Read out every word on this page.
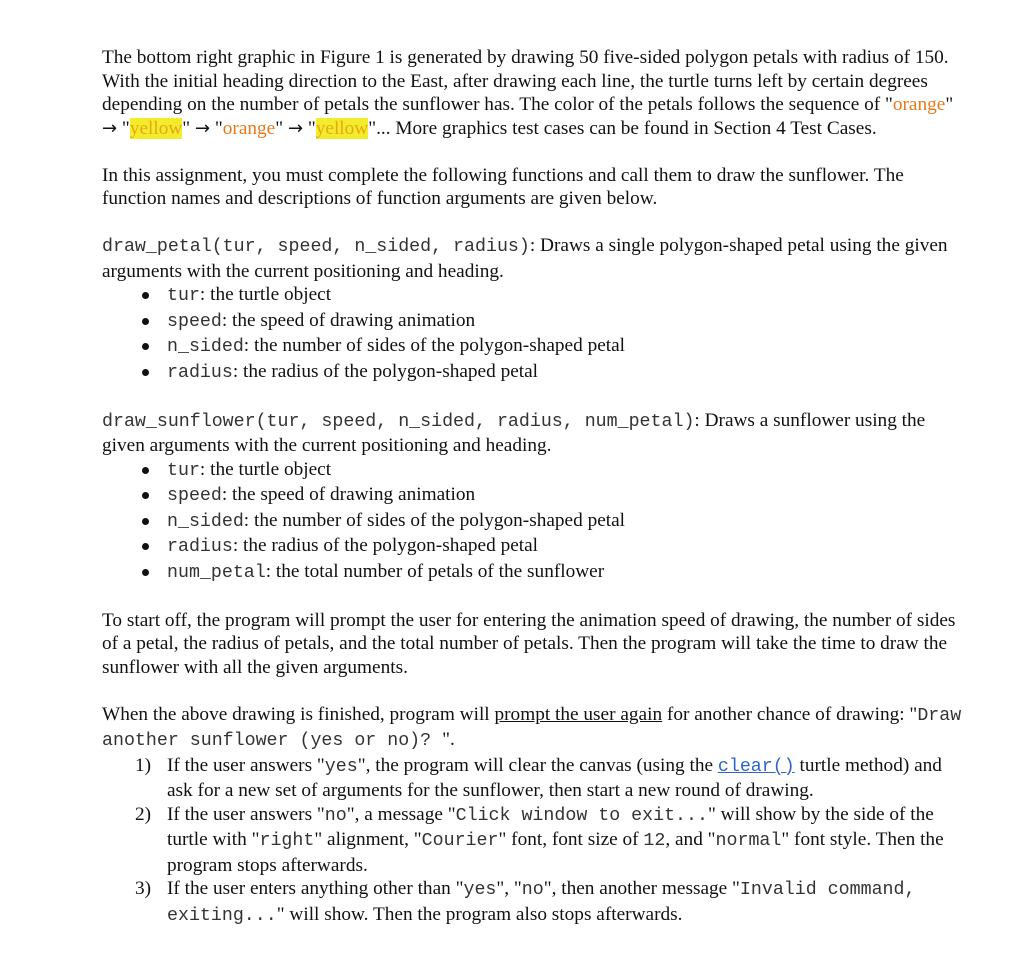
The bottom right graphic in Figure 1 is generated by drawing 50 five-sided polygon petals with radius of 150. With the initial heading direction to the East, after drawing each line, the turtle turns left by certain degrees depending on the number of petals the sunflower has. The color of the petals follows the sequence of "orange" → "yellow" → "orange" → "yellow"... More graphics test cases can be found in Section 4 Test Cases.

In this assignment, you must complete the following functions and call them to draw the sunflower. The function names and descriptions of function arguments are given below.

draw_petal(tur, speed, n_sided, radius): Draws a single polygon-shaped petal using the given arguments with the current positioning and heading.

tur: the turtle object
speed: the speed of drawing animation
n_sided: the number of sides of the polygon-shaped petal
radius: the radius of the polygon-shaped petal

draw_sunflower(tur, speed, n_sided, radius, num_petal): Draws a sunflower using the given arguments with the current positioning and heading.

tur: the turtle object
speed: the speed of drawing animation
n_sided: the number of sides of the polygon-shaped petal
radius: the radius of the polygon-shaped petal
num_petal: the total number of petals of the sunflower

To start off, the program will prompt the user for entering the animation speed of drawing, the number of sides of a petal, the radius of petals, and the total number of petals. Then the program will take the time to draw the sunflower with all the given arguments.

When the above drawing is finished, program will prompt the user again for another chance of drawing: "Draw another sunflower (yes or no)? ".

1) If the user answers "yes", the program will clear the canvas (using the clear() turtle method) and ask for a new set of arguments for the sunflower, then start a new round of drawing.
2) If the user answers "no", a message "Click window to exit..." will show by the side of the turtle with "right" alignment, "Courier" font, font size of 12, and "normal" font style. Then the program stops afterwards.
3) If the user enters anything other than "yes", "no", then another message "Invalid command, exiting..." will show. Then the program also stops afterwards.
